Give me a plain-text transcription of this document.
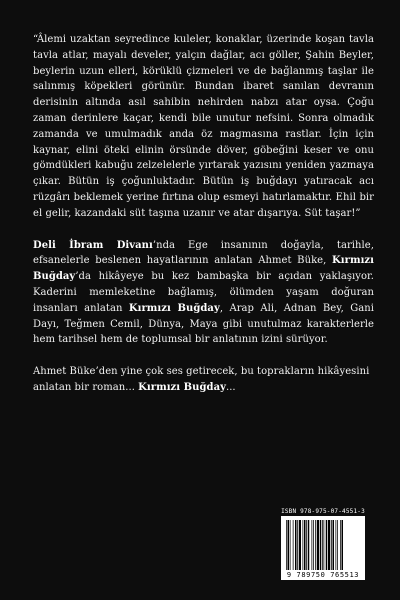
“Âlemi uzaktan seyredince kuleler, konaklar, üzerinde koşan tavla tavla atlar, mayalı develer, yalçın dağlar, acı göller, Şahin Beyler, beylerin uzun elleri, körüklü çizmeleri ve de bağlanmış taşlar ile salınmış köpekleri görünür. Bundan ibaret sanılan devranın derisinin altında asıl sahibin nehirden nabzı atar oysa. Çoğu zaman derinlere kaçar, kendi bile unutur nefsini. Sonra olmadık zamanda ve umulmadık anda öz magmasına rastlar. İçin için kaynar, elini öteki elinin örsünde döver, göbeğini keser ve onu gömdükleri kabuğu zelzelelerle yırtarak yazısını yeniden yazmaya çıkar. Bütün iş çoğunluktadır. Bütün iş buğdayı yatıracak acı rüzgârı beklemek yerine fırtına olup esmeyi hatırlamaktır. Ehil bir el gelir, kazandaki süt taşına uzanır ve atar dışarıya. Süt taşar!”

Deli İbram Divanı’nda Ege insanının doğayla, tarihle, efsanelerle beslenen hayatlarının anlatan Ahmet Büke, Kırmızı Buğday’da hikâyeye bu kez bambaşka bir açıdan yaklaşıyor. Kaderini memleketine bağlamış, ölümden yaşam doğuran insanları anlatan Kırmızı Buğday, Arap Ali, Adnan Bey, Gani Dayı, Teğmen Cemil, Dünya, Maya gibi unutulmaz karakterlerle hem tarihsel hem de toplumsal bir anlatının izini sürüyor.

Ahmet Büke’den yine çok ses getirecek, bu toprakların hikâyesini anlatan bir roman... Kırmızı Buğday...

ISBN 978-975-07-4551-3
9 789750 765513
